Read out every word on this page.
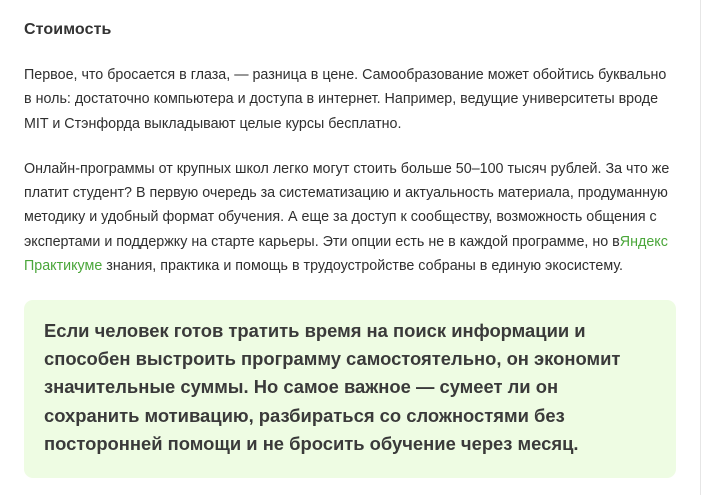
Стоимость

Первое, что бросается в глаза, — разница в цене. Самообразование может обойтись буквально в ноль: достаточно компьютера и доступа в интернет. Например, ведущие университеты вроде MIT и Стэнфорда выкладывают целые курсы бесплатно.

Онлайн-программы от крупных школ легко могут стоить больше 50–100 тысяч рублей. За что же платит студент? В первую очередь за систематизацию и актуальность материала, продуманную методику и удобный формат обучения. А еще за доступ к сообществу, возможность общения с экспертами и поддержку на старте карьеры. Эти опции есть не в каждой программе, но вЯндекс Практикуме знания, практика и помощь в трудоустройстве собраны в единую экосистему.

Если человек готов тратить время на поиск информации и способен выстроить программу самостоятельно, он экономит значительные суммы. Но самое важное — сумеет ли он сохранить мотивацию, разбираться со сложностями без посторонней помощи и не бросить обучение через месяц.
